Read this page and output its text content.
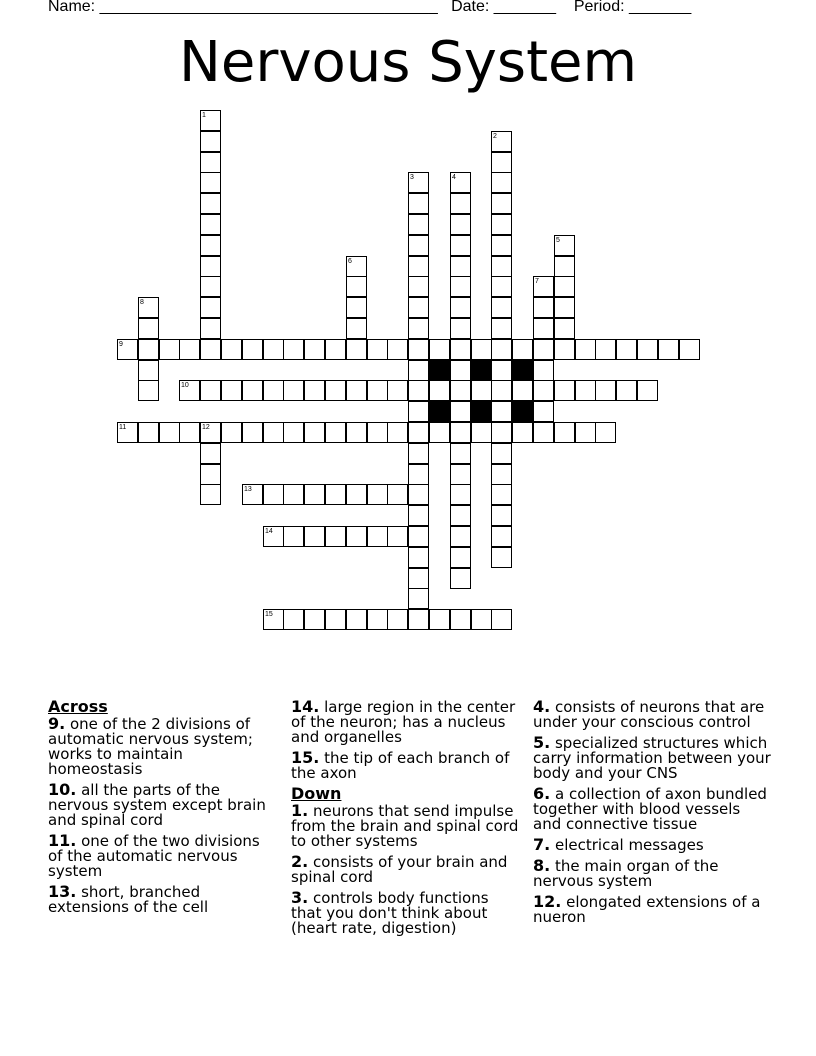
Name: ______________________________________ Date: _______ Period: _______
Nervous System
1
2
3	4
5
6
7
8
9
10
11	12
13
14
15
Across
9. one of the 2 divisions of automatic nervous system; works to maintain homeostasis
10. all the parts of the nervous system except brain and spinal cord
11. one of the two divisions of the automatic nervous system
13. short, branched extensions of the cell
14. large region in the center of the neuron; has a nucleus and organelles
15. the tip of each branch of the axon
Down
1. neurons that send impulse from the brain and spinal cord to other systems
2. consists of your brain and spinal cord
3. controls body functions that you don't think about (heart rate, digestion)
4. consists of neurons that are under your conscious control
5. specialized structures which carry information between your body and your CNS
6. a collection of axon bundled together with blood vessels and connective tissue
7. electrical messages
8. the main organ of the nervous system
12. elongated extensions of a nueron
